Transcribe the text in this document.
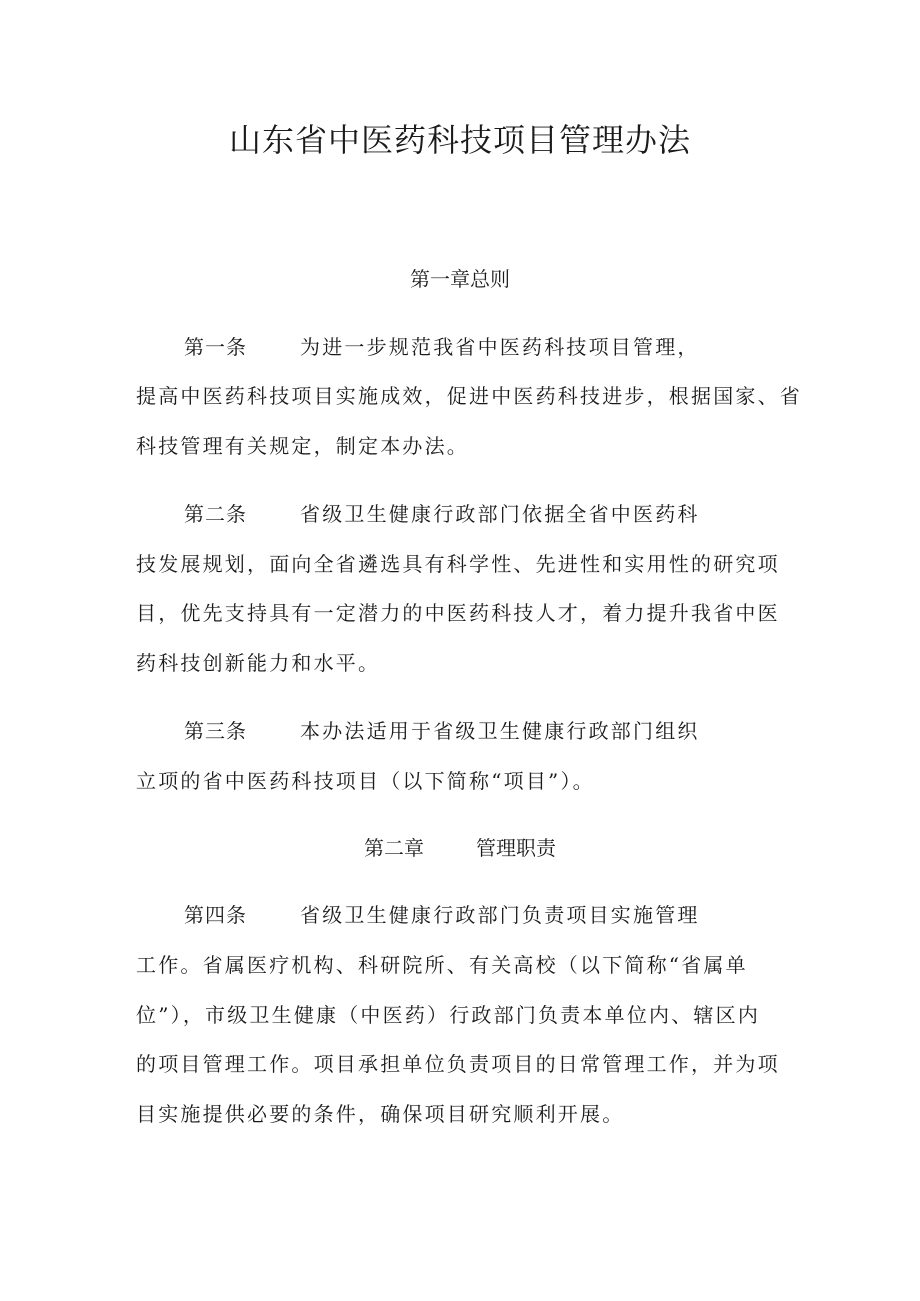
山东省中医药科技项目管理办法
第一章总则
第一条	为进一步规范我省中医药科技项目管理，
提高中医药科技项目实施成效，促进中医药科技进步，根据国家、省
科技管理有关规定，制定本办法。
第二条	省级卫生健康行政部门依据全省中医药科
技发展规划，面向全省遴选具有科学性、先进性和实用性的研究项
目，优先支持具有一定潜力的中医药科技人才，着力提升我省中医
药科技创新能力和水平。
第三条	本办法适用于省级卫生健康行政部门组织
立项的省中医药科技项目（以下简称“项目”）。
第二章	管理职责
第四条	省级卫生健康行政部门负责项目实施管理
工作。省属医疗机构、科研院所、有关高校（以下简称“省属单
位”），市级卫生健康（中医药）行政部门负责本单位内、辖区内
的项目管理工作。项目承担单位负责项目的日常管理工作，并为项
目实施提供必要的条件，确保项目研究顺利开展。
